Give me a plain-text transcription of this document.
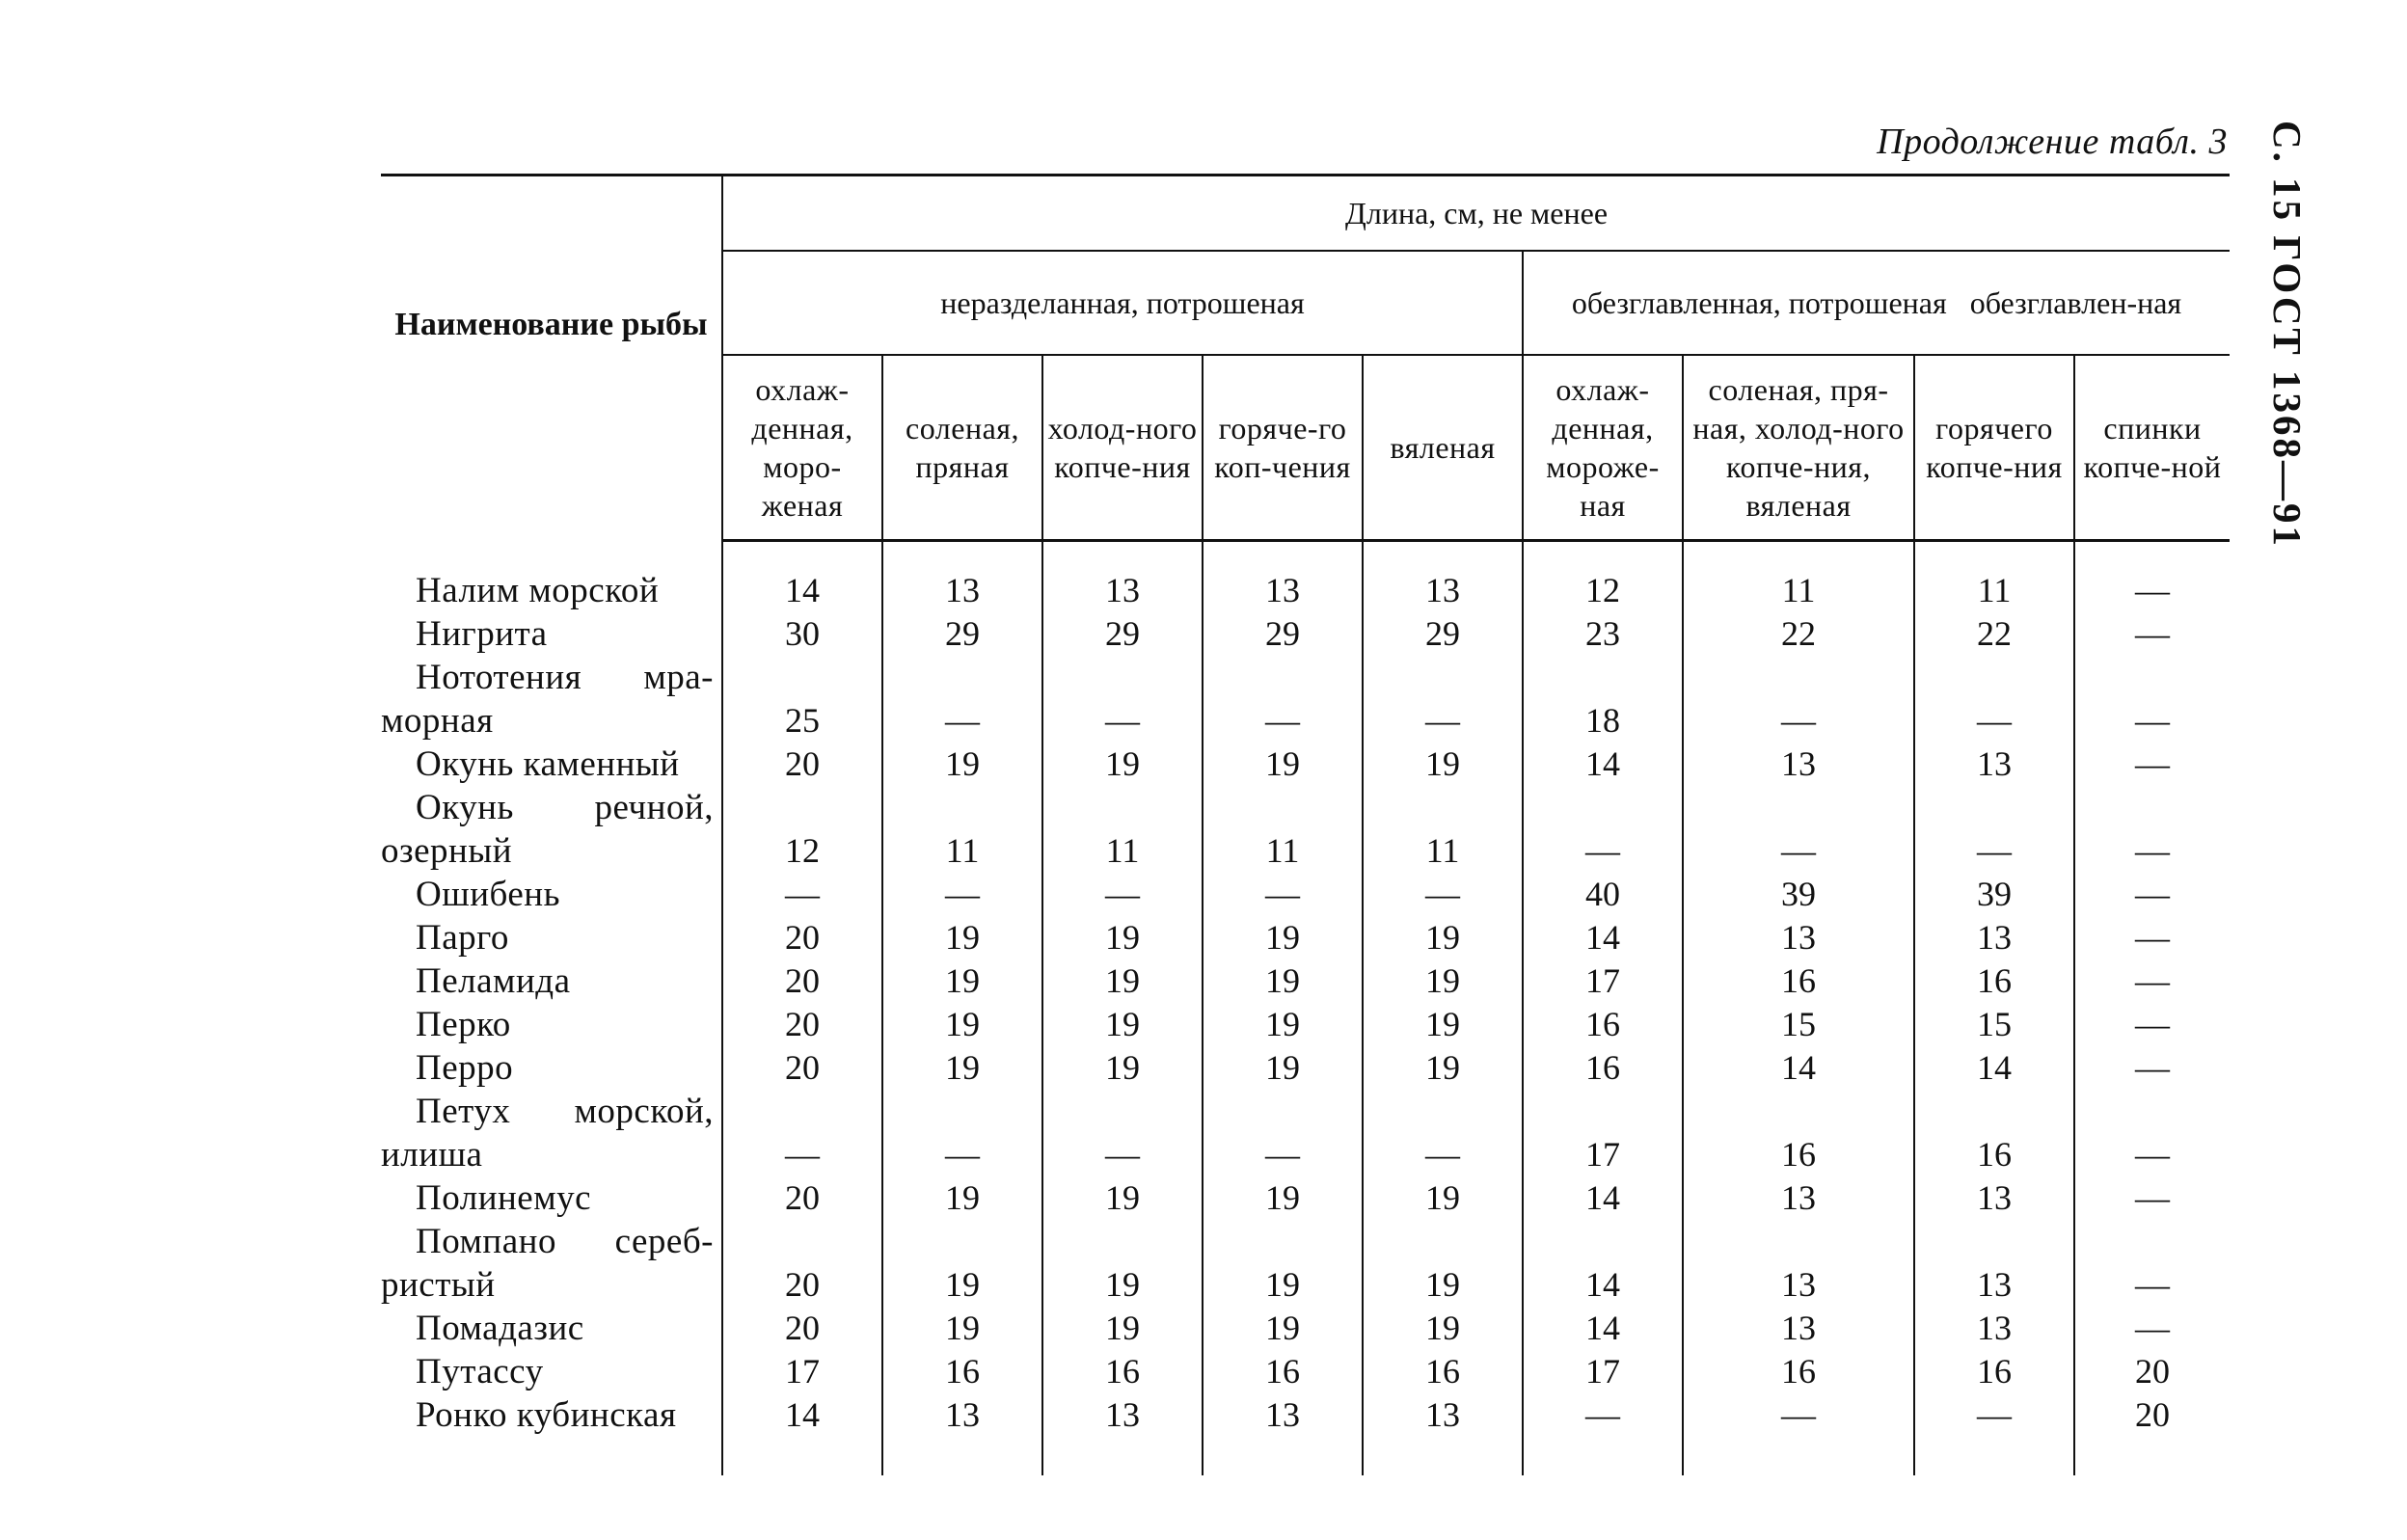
Продолжение табл. 3 С. 15 ГОСТ 1368—91
Наименование рыбы	Длина, см, не менее								
	неразделанная, потрошеная					обезглавленная, потрошеная обезглавлен-ная			
	охлаж-денная, моро-женая	соленая, пряная	холод-ного копче-ния	горяче-го коп-чения	вяленая	охлаж-денная, мороже-ная	соленая, пря-ная, холод-ного копче-ния, вяленая	горячего копче-ния	спинки копче-ной

Налим морской	14	13	13	13	13	12	11	11	—

Нигрита	30	29	29	29	29	23	22	22	—

Нототения мра-
морная	25	—	—	—	—	18	—	—	—

Окунь каменный	20	19	19	19	19	14	13	13	—

Окунь речной,
озерный	12	11	11	11	11	—	—	—	—

Ошибень	—	—	—	—	—	40	39	39	—

Парго	20	19	19	19	19	14	13	13	—

Пеламида	20	19	19	19	19	17	16	16	—

Перко	20	19	19	19	19	16	15	15	—

Перро	20	19	19	19	19	16	14	14	—

Петух морской,
илиша	—	—	—	—	—	17	16	16	—

Полинемус	20	19	19	19	19	14	13	13	—

Помпано сереб-
ристый	20	19	19	19	19	14	13	13	—

Помадазис	20	19	19	19	19	14	13	13	—

Путассу	17	16	16	16	16	17	16	16	20

Ронко кубинская	14	13	13	13	13	—	—	—	20
